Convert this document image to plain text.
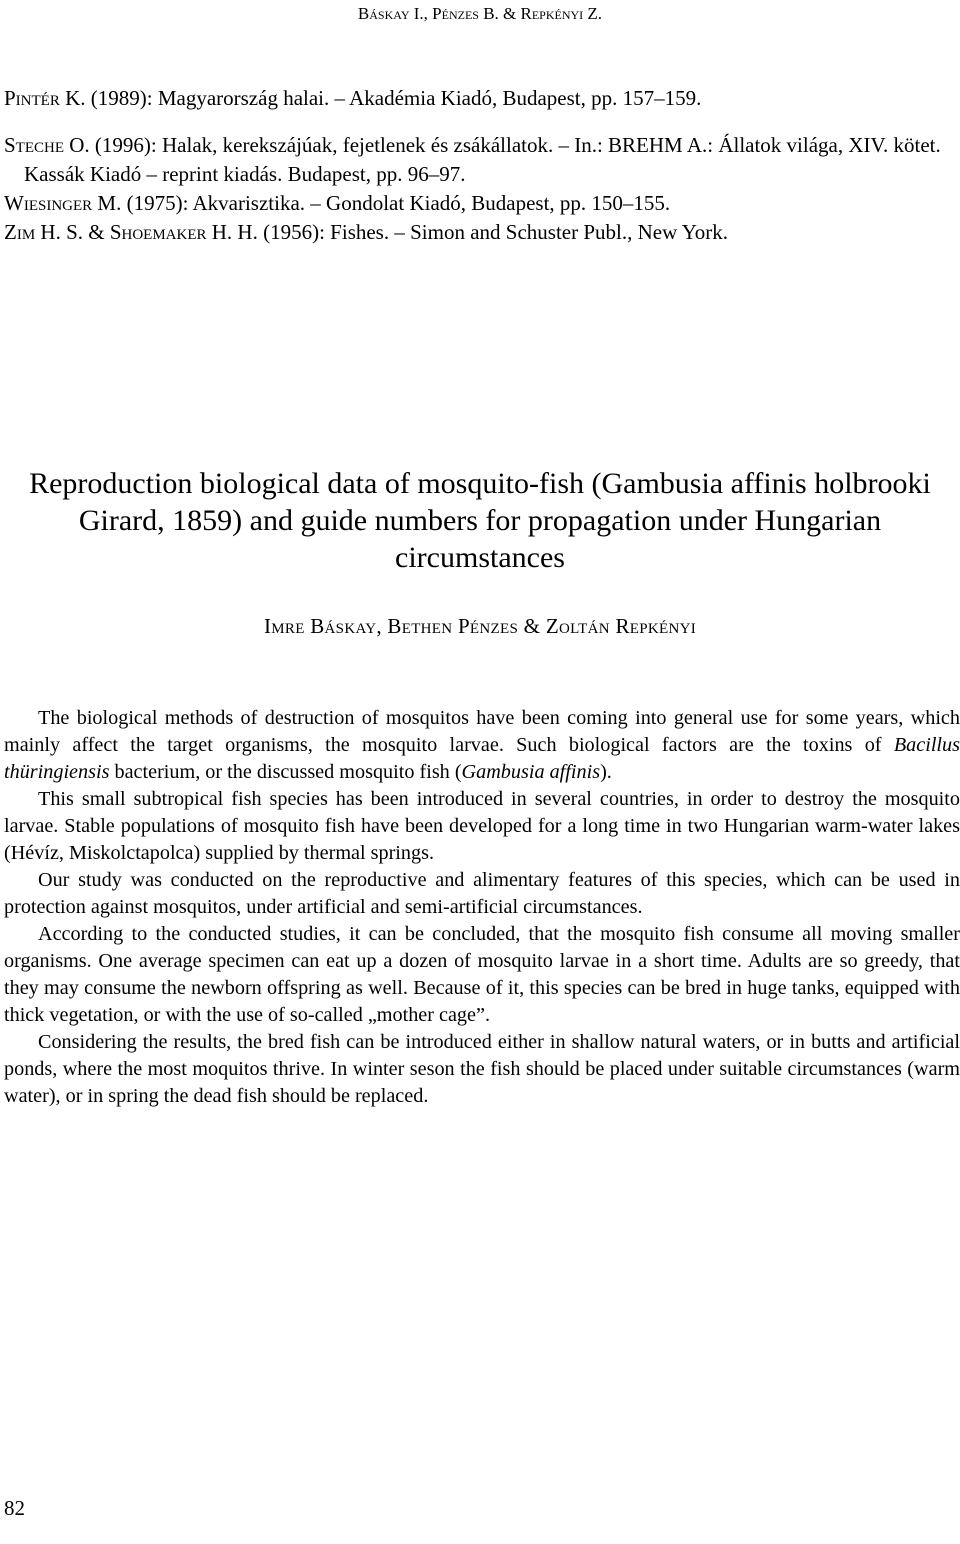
Báskay I., Pénzes B. & Repkényi Z.

Pintér K. (1989): Magyarország halai. – Akadémia Kiadó, Budapest, pp. 157–159.

Steche O. (1996): Halak, kerekszájúak, fejetlenek és zsákállatok. – In.: BREHM A.: Állatok világa, XIV. kötet. Kassák Kiadó – reprint kiadás. Budapest, pp. 96–97.

Wiesinger M. (1975): Akvarisztika. – Gondolat Kiadó, Budapest, pp. 150–155.

Zim H. S. & Shoemaker H. H. (1956): Fishes. – Simon and Schuster Publ., New York.

Reproduction biological data of mosquito-fish (Gambusia affinis holbrooki Girard, 1859) and guide numbers for propagation under Hungarian circumstances
Imre Báskay, Bethen Pénzes & Zoltán Repkényi

The biological methods of destruction of mosquitos have been coming into general use for some years, which mainly affect the target organisms, the mosquito larvae. Such biological factors are the toxins of Bacillus thüringiensis bacterium, or the discussed mosquito fish (Gambusia affinis).

This small subtropical fish species has been introduced in several countries, in order to destroy the mosquito larvae. Stable populations of mosquito fish have been developed for a long time in two Hungarian warm-water lakes (Hévíz, Miskolctapolca) supplied by thermal springs.

Our study was conducted on the reproductive and alimentary features of this species, which can be used in protection against mosquitos, under artificial and semi-artificial circumstances.

According to the conducted studies, it can be concluded, that the mosquito fish consume all moving smaller organisms. One average specimen can eat up a dozen of mosquito larvae in a short time. Adults are so greedy, that they may consume the newborn offspring as well. Because of it, this species can be bred in huge tanks, equipped with thick vegetation, or with the use of so-called „mother cage”.

Considering the results, the bred fish can be introduced either in shallow natural waters, or in butts and artificial ponds, where the most moquitos thrive. In winter seson the fish should be placed under suitable circumstances (warm water), or in spring the dead fish should be replaced.

82
